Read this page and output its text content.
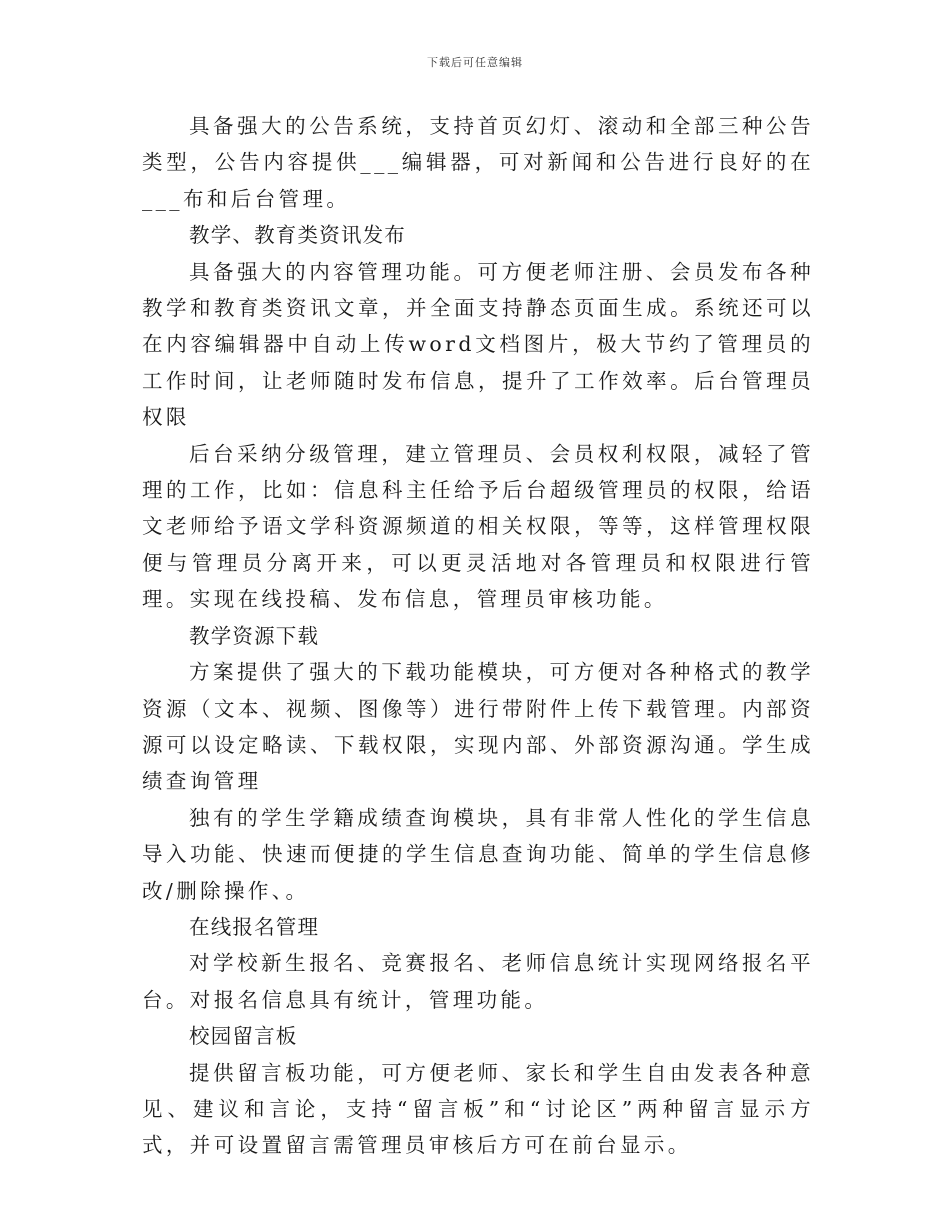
下载后可任意编辑

具备强大的公告系统，支持首页幻灯、滚动和全部三种公告类型，公告内容提供___编辑器，可对新闻和公告进行良好的在___布和后台管理。

教学、教育类资讯发布

具备强大的内容管理功能。可方便老师注册、会员发布各种教学和教育类资讯文章，并全面支持静态页面生成。系统还可以在内容编辑器中自动上传word文档图片，极大节约了管理员的工作时间，让老师随时发布信息，提升了工作效率。后台管理员权限

后台采纳分级管理，建立管理员、会员权利权限，减轻了管理的工作，比如：信息科主任给予后台超级管理员的权限，给语文老师给予语文学科资源频道的相关权限，等等，这样管理权限便与管理员分离开来，可以更灵活地对各管理员和权限进行管理。实现在线投稿、发布信息，管理员审核功能。

教学资源下载

方案提供了强大的下载功能模块，可方便对各种格式的教学资源（文本、视频、图像等）进行带附件上传下载管理。内部资源可以设定略读、下载权限，实现内部、外部资源沟通。学生成绩查询管理

独有的学生学籍成绩查询模块，具有非常人性化的学生信息导入功能、快速而便捷的学生信息查询功能、简单的学生信息修改/删除操作、。

在线报名管理

对学校新生报名、竞赛报名、老师信息统计实现网络报名平台。对报名信息具有统计，管理功能。

校园留言板

提供留言板功能，可方便老师、家长和学生自由发表各种意见、建议和言论，支持“留言板”和“讨论区”两种留言显示方式，并可设置留言需管理员审核后方可在前台显示。
